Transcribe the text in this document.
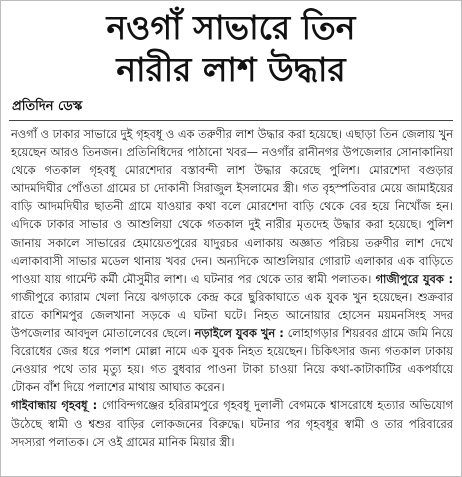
নওগাঁ সাভারে তিন
নারীর লাশ উদ্ধার
প্রতিদিন ডেস্ক

নওগাঁ ও ঢাকার সাভারে দুই গৃহবধূ ও এক তরুণীর লাশ উদ্ধার করা হয়েছে। এছাড়া তিন জেলায় খুন হয়েছেন আরও তিনজন। প্রতিনিধিদের পাঠানো খবর— নওগাঁর রানীনগর উপজেলার সোনাকানিয়া থেকে গতকাল গৃহবধূ মোরশেদার বস্তাবন্দী লাশ উদ্ধার করেছে পুলিশ। মোরশেদা বগুড়ার আদমদিঘীর পোঁওতা গ্রামের চা দোকানী সিরাজুল ইসলামের স্ত্রী। গত বৃহস্পতিবার মেয়ে জামাইয়ের বাড়ি আদমদিঘীর ছাতনী গ্রামে যাওয়ার কথা বলে মোরশেদা বাড়ি থেকে বের হয়ে নিখোঁজ হন। এদিকে ঢাকার সাভার ও আশুলিয়া থেকে গতকাল দুই নারীর মৃতদেহ উদ্ধার করা হয়েছে। পুলিশ জানায় সকালে সাভারের হেমায়েতপুরের যাদুরচর এলাকায় অজ্ঞাত পরিচয় তরুণীর লাশ দেখে এলাকাবাসী সাভার মডেল থানায় খবর দেন। অন্যদিকে আশুলিয়ার গোরাট এলাকার এক বাড়িতে পাওয়া যায় গার্মেন্ট কর্মী মৌসুমীর লাশ। এ ঘটনার পর থেকে তার স্বামী পলাতক। গাজীপুরে যুবক : গাজীপুরে ক্যারাম খেলা নিয়ে ঝগড়াকে কেন্দ্র করে ছুরিকাঘাতে এক যুবক খুন হয়েছেন। শুক্রবার রাতে কাশিমপুর জেলখানা সড়কে এ ঘটনা ঘটে। নিহত আনোয়ার হোসেন ময়মনসিংহ সদর উপজেলার আবদুল মোতালেবের ছেলে। নড়াইলে যুবক খুন : লোহাগড়ার শিয়রবর গ্রামে জমি নিয়ে বিরোধের জের ধরে পলাশ মোল্লা নামে এক যুবক নিহত হয়েছেন। চিকিৎসার জন্য গতকাল ঢাকায় নেওয়ার পথে তার মৃত্যু হয়। গত বুধবার পাওনা টাকা চাওয়া নিয়ে কথা-কাটাকাটির একপর্যায়ে টোকন বাঁশ দিয়ে পলাশের মাথায় আঘাত করেন।

গাইবান্ধায় গৃহবধূ : গোবিন্দগঞ্জের হরিরামপুরে গৃহবধূ দুলালী বেগমকে শ্বাসরোধে হত্যার অভিযোগ উঠেছে স্বামী ও শ্বশুর বাড়ির লোকজনের বিরুদ্ধে। ঘটনার পর গৃহবধূর স্বামী ও তার পরিবারের সদস্যরা পলাতক। সে ওই গ্রামের মানিক মিয়ার স্ত্রী।
